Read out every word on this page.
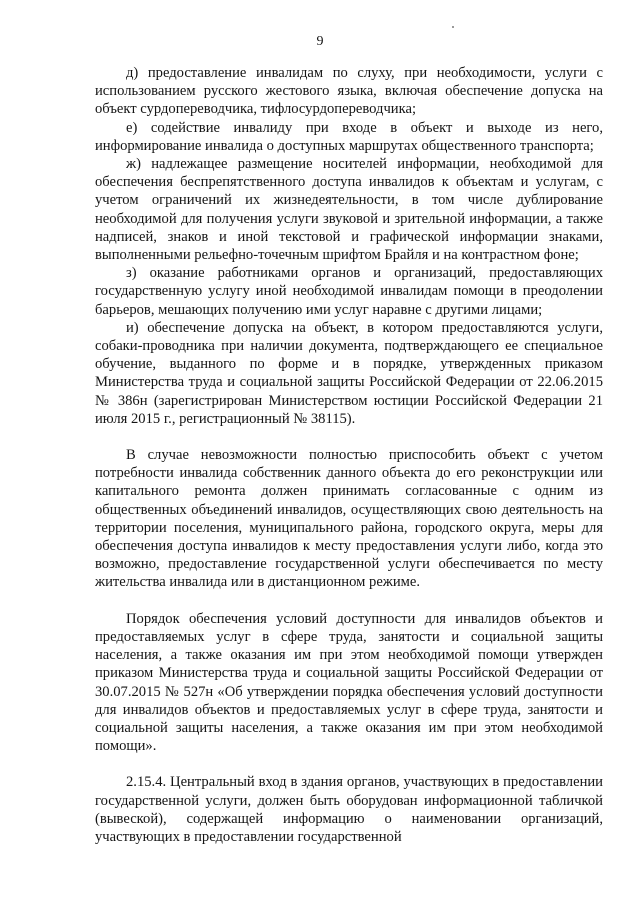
9

д) предоставление инвалидам по слуху, при необходимости, услуги с использованием русского жестового языка, включая обеспечение допуска на объект сурдопереводчика, тифлосурдопереводчика;

е) содействие инвалиду при входе в объект и выходе из него, информирование инвалида о доступных маршрутах общественного транспорта;

ж) надлежащее размещение носителей информации, необходимой для обеспечения беспрепятственного доступа инвалидов к объектам и услугам, с учетом ограничений их жизнедеятельности, в том числе дублирование необходимой для получения услуги звуковой и зрительной информации, а также надписей, знаков и иной текстовой и графической информации знаками, выполненными рельефно-точечным шрифтом Брайля и на контрастном фоне;

з) оказание работниками органов и организаций, предоставляющих государственную услугу иной необходимой инвалидам помощи в преодолении барьеров, мешающих получению ими услуг наравне с другими лицами;

и) обеспечение допуска на объект, в котором предоставляются услуги, собаки-проводника при наличии документа, подтверждающего ее специальное обучение, выданного по форме и в порядке, утвержденных приказом Министерства труда и социальной защиты Российской Федерации от 22.06.2015 № 386н (зарегистрирован Министерством юстиции Российской Федерации 21 июля 2015 г., регистрационный № 38115).

В случае невозможности полностью приспособить объект с учетом потребности инвалида собственник данного объекта до его реконструкции или капитального ремонта должен принимать согласованные с одним из общественных объединений инвалидов, осуществляющих свою деятельность на территории поселения, муниципального района, городского округа, меры для обеспечения доступа инвалидов к месту предоставления услуги либо, когда это возможно, предоставление государственной услуги обеспечивается по месту жительства инвалида или в дистанционном режиме.

Порядок обеспечения условий доступности для инвалидов объектов и предоставляемых услуг в сфере труда, занятости и социальной защиты населения, а также оказания им при этом необходимой помощи утвержден приказом Министерства труда и социальной защиты Российской Федерации от 30.07.2015 № 527н «Об утверждении порядка обеспечения условий доступности для инвалидов объектов и предоставляемых услуг в сфере труда, занятости и социальной защиты населения, а также оказания им при этом необходимой помощи».

2.15.4. Центральный вход в здания органов, участвующих в предоставлении государственной услуги, должен быть оборудован информационной табличкой (вывеской), содержащей информацию о наименовании организаций, участвующих в предоставлении государственной
